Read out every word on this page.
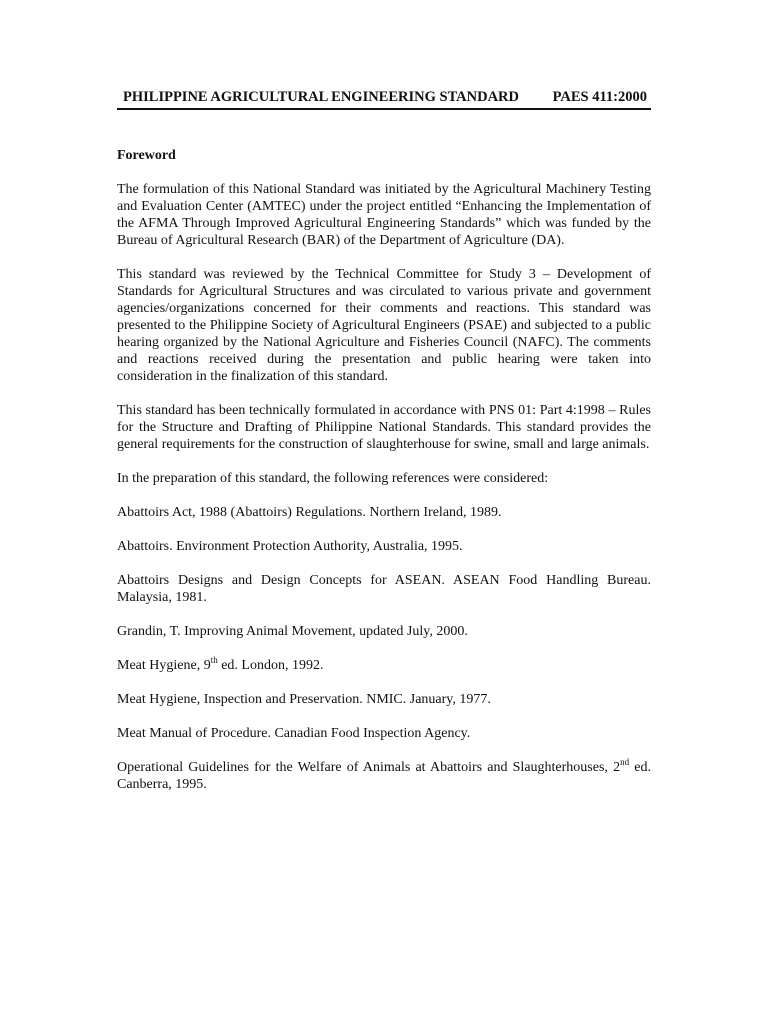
PHILIPPINE AGRICULTURAL ENGINEERING STANDARD PAES 411:2000
Foreword

The formulation of this National Standard was initiated by the Agricultural Machinery Testing and Evaluation Center (AMTEC) under the project entitled “Enhancing the Implementation of the AFMA Through Improved Agricultural Engineering Standards” which was funded by the Bureau of Agricultural Research (BAR) of the Department of Agriculture (DA).

This standard was reviewed by the Technical Committee for Study 3 – Development of Standards for Agricultural Structures and was circulated to various private and government agencies/organizations concerned for their comments and reactions. This standard was presented to the Philippine Society of Agricultural Engineers (PSAE) and subjected to a public hearing organized by the National Agriculture and Fisheries Council (NAFC). The comments and reactions received during the presentation and public hearing were taken into consideration in the finalization of this standard.

This standard has been technically formulated in accordance with PNS 01: Part 4:1998 – Rules for the Structure and Drafting of Philippine National Standards. This standard provides the general requirements for the construction of slaughterhouse for swine, small and large animals.

In the preparation of this standard, the following references were considered:

Abattoirs Act, 1988 (Abattoirs) Regulations. Northern Ireland, 1989.

Abattoirs. Environment Protection Authority, Australia, 1995.

Abattoirs Designs and Design Concepts for ASEAN. ASEAN Food Handling Bureau. Malaysia, 1981.

Grandin, T. Improving Animal Movement, updated July, 2000.

Meat Hygiene, 9th ed. London, 1992.

Meat Hygiene, Inspection and Preservation. NMIC. January, 1977.

Meat Manual of Procedure. Canadian Food Inspection Agency.

Operational Guidelines for the Welfare of Animals at Abattoirs and Slaughterhouses, 2nd ed. Canberra, 1995.
